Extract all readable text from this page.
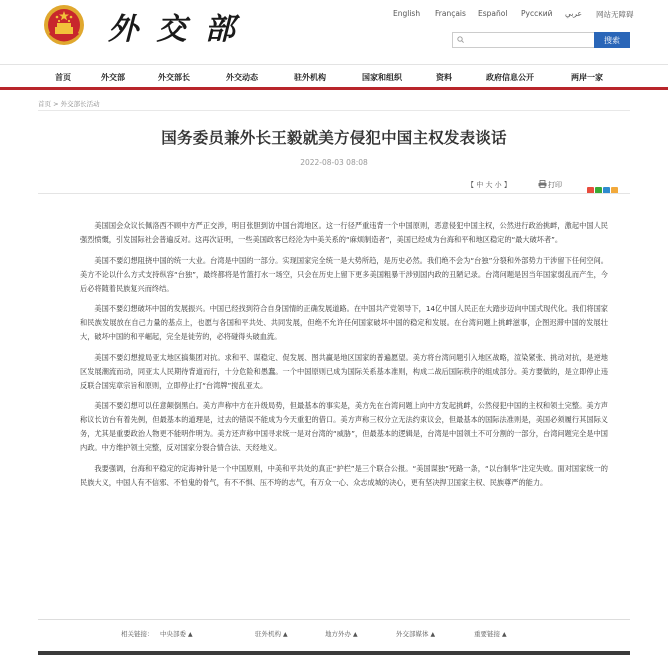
外 交 部	English Français Español Русский عربي 网站无障碍
搜索
首页	外交部	外交部长	外交动态	驻外机构	国家和组织	资料	政府信息公开	两岸一家
首页 > 外交部长活动
国务委员兼外长王毅就美方侵犯中国主权发表谈话
2022-08-03 08:08
【 中 大 小 】	打印

美国国会众议长佩洛西不顾中方严正交涉，明目张胆到访中国台湾地区。这一行径严重违背一个中国原则，恶意侵犯中国主权，公然进行政治挑衅，激起中国人民强烈愤慨，引发国际社会普遍反对。这再次证明，一些美国政客已经沦为中美关系的“麻烦制造者”，美国已经成为台海和平和地区稳定的“最大破坏者”。

美国不要幻想阻挠中国的统一大业。台湾是中国的一部分。实现国家完全统一是大势所趋，是历史必然。我们绝不会为“台独”分裂和外部势力干涉留下任何空间。美方不论以什么方式支持纵容“台独”，最终都将是竹篮打水一场空，只会在历史上留下更多美国粗暴干涉别国内政的丑陋记录。台湾问题是因当年国家弱乱而产生，今后必将随着民族复兴而终结。

美国不要幻想破坏中国的发展振兴。中国已经找到符合自身国情的正确发展道路。在中国共产党领导下，14亿中国人民正在大踏步迈向中国式现代化。我们将国家和民族发展放在自己力量的基点上，也愿与各国和平共处、共同发展，但绝不允许任何国家破坏中国的稳定和发展。在台湾问题上挑衅滋事，企图迟滞中国的发展壮大，破坏中国的和平崛起，完全是徒劳的，必将碰得头破血流。

美国不要幻想搅局亚太地区搞集团对抗。求和平、谋稳定、促发展、图共赢是地区国家的普遍愿望。美方将台湾问题引入地区战略，渲染紧张、挑动对抗，是逆地区发展潮流而动，同亚太人民期待背道而行，十分危险和愚蠢。一个中国原则已成为国际关系基本准则，构成二战后国际秩序的组成部分。美方要做的，是立即停止违反联合国宪章宗旨和原则，立即停止打“台湾牌”搅乱亚太。

美国不要幻想可以任意颠倒黑白。美方声称中方在升级局势，但最基本的事实是，美方先在台湾问题上向中方发起挑衅，公然侵犯中国的主权和领土完整。美方声称议长访台有着先例，但最基本的道理是，过去的错误不能成为今天重犯的借口。美方声称三权分立无法约束议会，但最基本的国际法准则是，美国必须履行其国际义务，尤其是重要政治人物更不能明作明为。美方还声称中国寻求统一是对台湾的“威胁”，但最基本的逻辑是，台湾是中国领土不可分割的一部分，台湾问题完全是中国内政。中方维护领土完整，反对国家分裂合情合法、天经地义。

我要强调，台海和平稳定的定海神针是一个中国原则，中美和平共处的真正“护栏”是三个联合公报。“美国谋独”死路一条，“以台制华”注定失败。面对国家统一的民族大义，中国人有不信邪、不怕鬼的骨气，有不不惧、压不垮的志气，有万众一心、众志成城的决心，更有坚决捍卫国家主权、民族尊严的能力。

相关链接： 中央部委 ▲	驻外机构 ▲	地方外办 ▲	外交部媒体 ▲	重要链接 ▲
